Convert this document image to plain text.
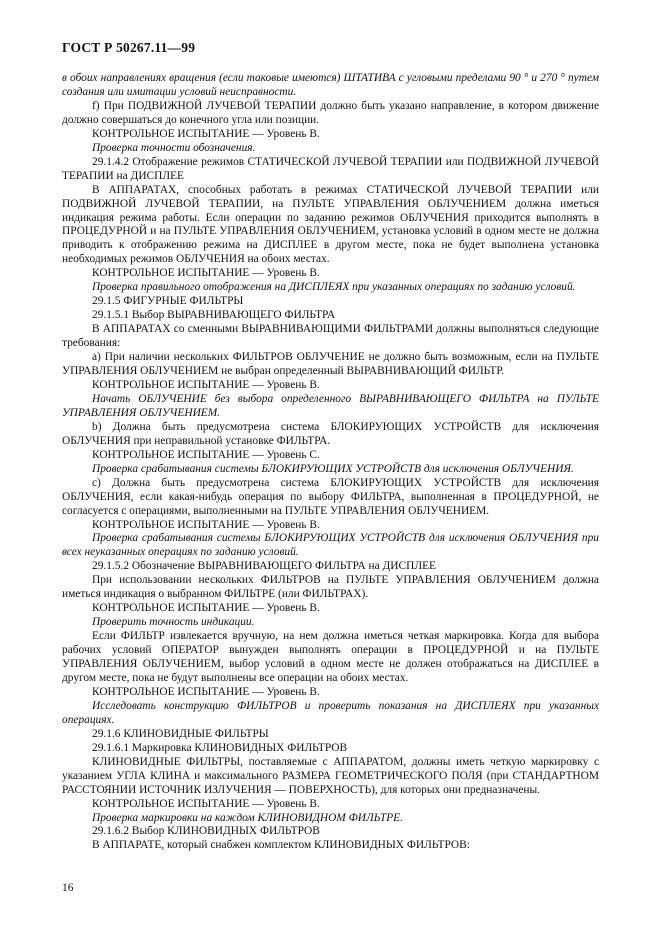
ГОСТ Р 50267.11—99

в обоих направлениях вращения (если таковые имеются) ШТАТИВА с угловыми пределами 90 ° и 270 ° путем создания или имитации условий неисправности.

f) При ПОДВИЖНОЙ ЛУЧЕВОЙ ТЕРАПИИ должно быть указано направление, в котором движение должно совершаться до конечного угла или позиции.

КОНТРОЛЬНОЕ ИСПЫТАНИЕ — Уровень В.

Проверка точности обозначения.

29.1.4.2 Отображение режимов СТАТИЧЕСКОЙ ЛУЧЕВОЙ ТЕРАПИИ или ПОДВИЖНОЙ ЛУЧЕВОЙ ТЕРАПИИ на ДИСПЛЕЕ

В АППАРАТАХ, способных работать в режимах СТАТИЧЕСКОЙ ЛУЧЕВОЙ ТЕРАПИИ или ПОДВИЖНОЙ ЛУЧЕВОЙ ТЕРАПИИ, на ПУЛЬТЕ УПРАВЛЕНИЯ ОБЛУЧЕНИЕМ должна иметься индикация режима работы. Если операции по заданию режимов ОБЛУЧЕНИЯ приходится выполнять в ПРОЦЕДУРНОЙ и на ПУЛЬТЕ УПРАВЛЕНИЯ ОБЛУЧЕНИЕМ, установка условий в одном месте не должна приводить к отображению режима на ДИСПЛЕЕ в другом месте, пока не будет выполнена установка необходимых режимов ОБЛУЧЕНИЯ на обоих местах.

КОНТРОЛЬНОЕ ИСПЫТАНИЕ — Уровень В.

Проверка правильного отображения на ДИСПЛЕЯХ при указанных операциях по заданию условий.

29.1.5 ФИГУРНЫЕ ФИЛЬТРЫ

29.1.5.1 Выбор ВЫРАВНИВАЮЩЕГО ФИЛЬТРА

В АППАРАТАХ со сменными ВЫРАВНИВАЮЩИМИ ФИЛЬТРАМИ должны выполняться следующие требования:

a) При наличии нескольких ФИЛЬТРОВ ОБЛУЧЕНИЕ не должно быть возможным, если на ПУЛЬТЕ УПРАВЛЕНИЯ ОБЛУЧЕНИЕМ не выбран определенный ВЫРАВНИВАЮЩИЙ ФИЛЬТР.

КОНТРОЛЬНОЕ ИСПЫТАНИЕ — Уровень В.

Начать ОБЛУЧЕНИЕ без выбора определенного ВЫРАВНИВАЮЩЕГО ФИЛЬТРА на ПУЛЬТЕ УПРАВЛЕНИЯ ОБЛУЧЕНИЕМ.

b) Должна быть предусмотрена система БЛОКИРУЮЩИХ УСТРОЙСТВ для исключения ОБЛУЧЕНИЯ при неправильной установке ФИЛЬТРА.

КОНТРОЛЬНОЕ ИСПЫТАНИЕ — Уровень С.

Проверка срабатывания системы БЛОКИРУЮЩИХ УСТРОЙСТВ для исключения ОБЛУЧЕНИЯ.

c) Должна быть предусмотрена система БЛОКИРУЮЩИХ УСТРОЙСТВ для исключения ОБЛУЧЕНИЯ, если какая-нибудь операция по выбору ФИЛЬТРА, выполненная в ПРОЦЕДУРНОЙ, не согласуется с операциями, выполненными на ПУЛЬТЕ УПРАВЛЕНИЯ ОБЛУЧЕНИЕМ.

КОНТРОЛЬНОЕ ИСПЫТАНИЕ — Уровень В.

Проверка срабатывания системы БЛОКИРУЮЩИХ УСТРОЙСТВ для исключения ОБЛУЧЕНИЯ при всех неуказанных операциях по заданию условий.

29.1.5.2 Обозначение ВЫРАВНИВАЮЩЕГО ФИЛЬТРА на ДИСПЛЕЕ

При использовании нескольких ФИЛЬТРОВ на ПУЛЬТЕ УПРАВЛЕНИЯ ОБЛУЧЕНИЕМ должна иметься индикация о выбранном ФИЛЬТРЕ (или ФИЛЬТРАХ).

КОНТРОЛЬНОЕ ИСПЫТАНИЕ — Уровень В.

Проверить точность индикации.

Если ФИЛЬТР извлекается вручную, на нем должна иметься четкая маркировка. Когда для выбора рабочих условий ОПЕРАТОР вынужден выполнять операции в ПРОЦЕДУРНОЙ и на ПУЛЬТЕ УПРАВЛЕНИЯ ОБЛУЧЕНИЕМ, выбор условий в одном месте не должен отображаться на ДИСПЛЕЕ в другом месте, пока не будут выполнены все операции на обоих местах.

КОНТРОЛЬНОЕ ИСПЫТАНИЕ — Уровень В.

Исследовать конструкцию ФИЛЬТРОВ и проверить показания на ДИСПЛЕЯХ при указанных операциях.

29.1.6 КЛИНОВИДНЫЕ ФИЛЬТРЫ

29.1.6.1 Маркировка КЛИНОВИДНЫХ ФИЛЬТРОВ

КЛИНОВИДНЫЕ ФИЛЬТРЫ, поставляемые с АППАРАТОМ, должны иметь четкую маркировку с указанием УГЛА КЛИНА и максимального РАЗМЕРА ГЕОМЕТРИЧЕСКОГО ПОЛЯ (при СТАНДАРТНОМ РАССТОЯНИИ ИСТОЧНИК ИЗЛУЧЕНИЯ — ПОВЕРХНОСТЬ), для которых они предназначены.

КОНТРОЛЬНОЕ ИСПЫТАНИЕ — Уровень В.

Проверка маркировки на каждом КЛИНОВИДНОМ ФИЛЬТРЕ.

29.1.6.2 Выбор КЛИНОВИДНЫХ ФИЛЬТРОВ

В АППАРАТЕ, который снабжен комплектом КЛИНОВИДНЫХ ФИЛЬТРОВ:

16
